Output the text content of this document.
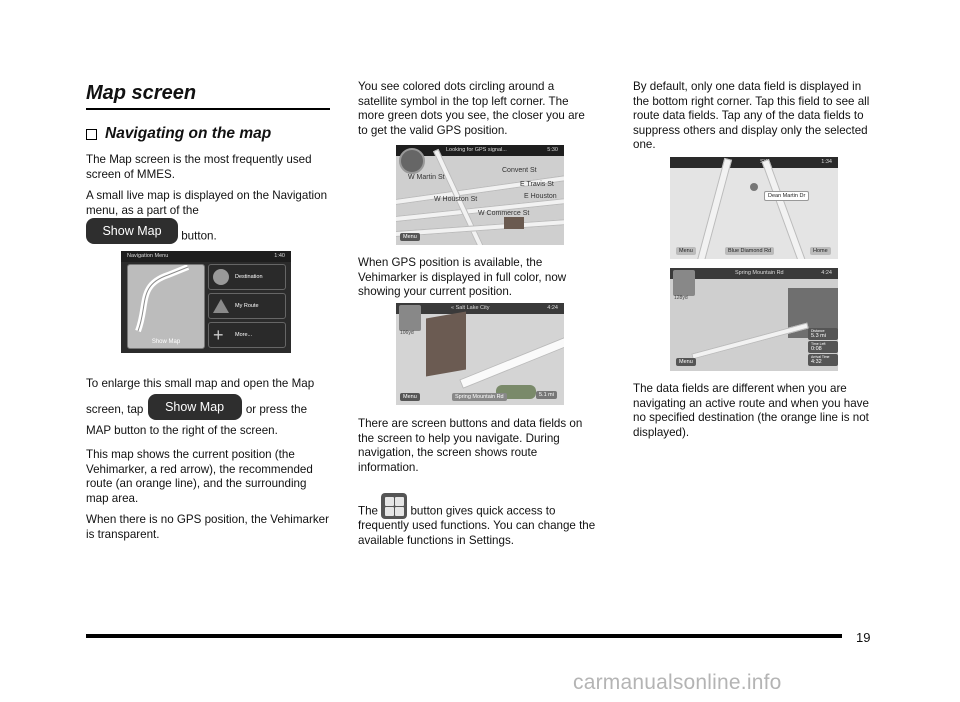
Map screen
Navigating on the map

The Map screen is the most frequently used screen of MMES.

A small live map is displayed on the Navigation menu, as a part of the
Show Map button.

Navigation Menu	1:40
Show Map
Destination
My Route
+ More...

To enlarge this small map and open the Map screen, tap Show Map or press the MAP button to the right of the screen.

This map shows the current position (the Vehimarker, a red arrow), the recommended route (an orange line), and the surrounding map area.

When there is no GPS position, the Vehimarker is transparent.

You see colored dots circling around a satellite symbol in the top left corner. The more green dots you see, the closer you are to get the valid GPS position.

Looking for GPS signal...	5:30
W Martin St
Convent St
E Travis St
W Houston St	E Houston
W Commerce St
Menu

When GPS position is available, the Vehimarker is displayed in full color, now showing your current position.

« Salt Lake City	4:24
106yd
Menu	Spring Mountain Rd	5.1 mi

There are screen buttons and data fields on the screen to help you navigate. During navigation, the screen shows route information.

The	button gives quick access to frequently used functions. You can change the available functions in Settings.

By default, only one data field is displayed in the bottom right corner. Tap this field to see all route data fields. Tap any of the data fields to suppress others and display only the selected one.

1:34
Dean Martin Dr
Menu	Blue Diamond Rd	Home
Spring Mountain Rd	4:24
128yd
Distance
5.3 mi
Time Left
0:08
Arrival Time
4:32
Menu

The data fields are different when you are navigating an active route and when you have no specified destination (the orange line is not displayed).

19
carmanualsonline.info
